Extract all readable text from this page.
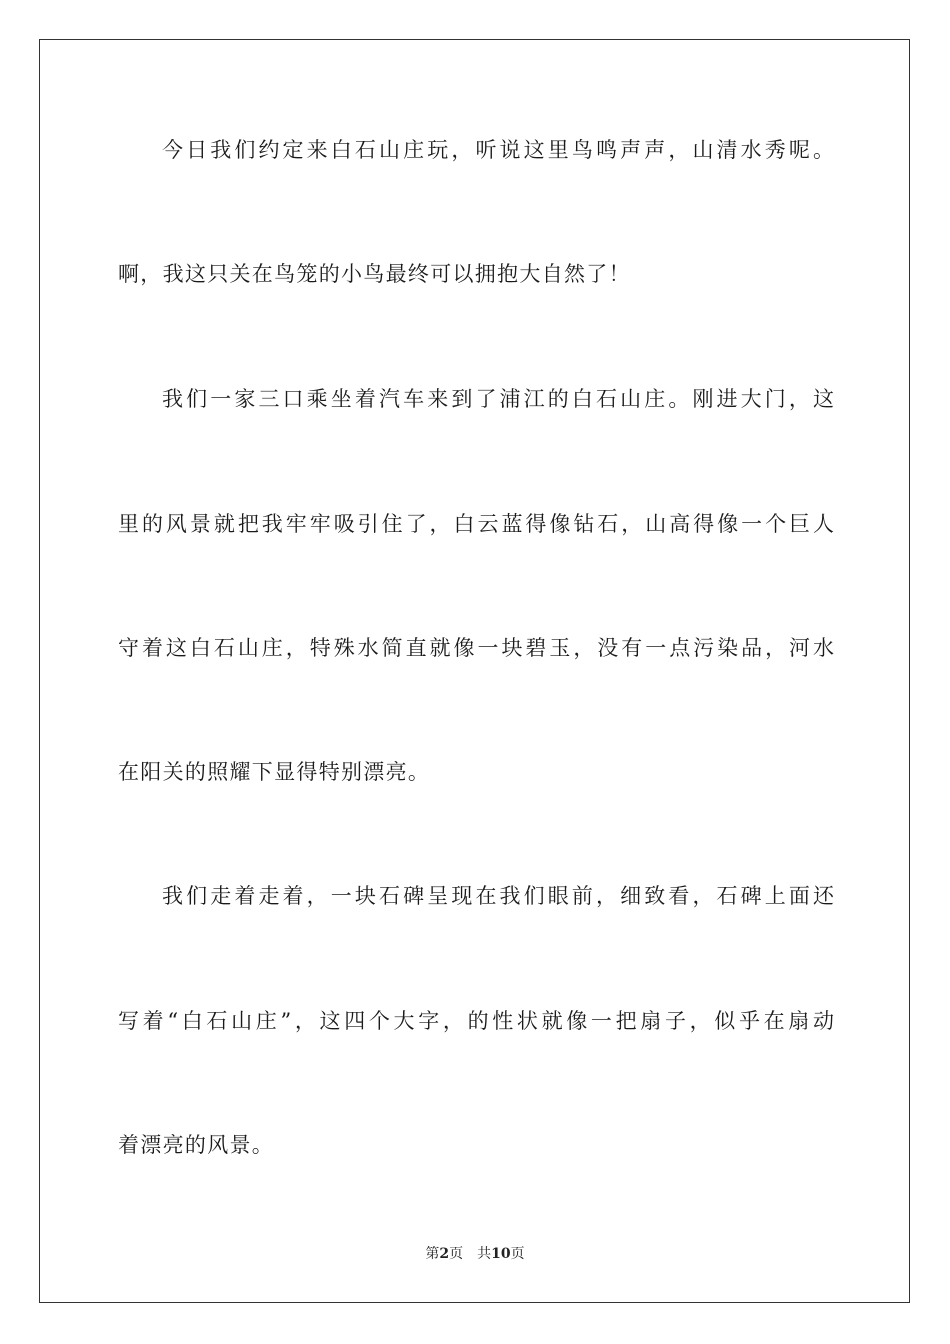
今日我们约定来白石山庄玩，听说这里鸟鸣声声，山清水秀呢。
啊，我这只关在鸟笼的小鸟最终可以拥抱大自然了！
我们一家三口乘坐着汽车来到了浦江的白石山庄。刚进大门，这
里的风景就把我牢牢吸引住了，白云蓝得像钻石，山高得像一个巨人
守着这白石山庄，特殊水简直就像一块碧玉，没有一点污染品，河水
在阳关的照耀下显得特别漂亮。
我们走着走着，一块石碑呈现在我们眼前，细致看，石碑上面还
写着“白石山庄”，这四个大字，的性状就像一把扇子，似乎在扇动
着漂亮的风景。
第2页 共10页
